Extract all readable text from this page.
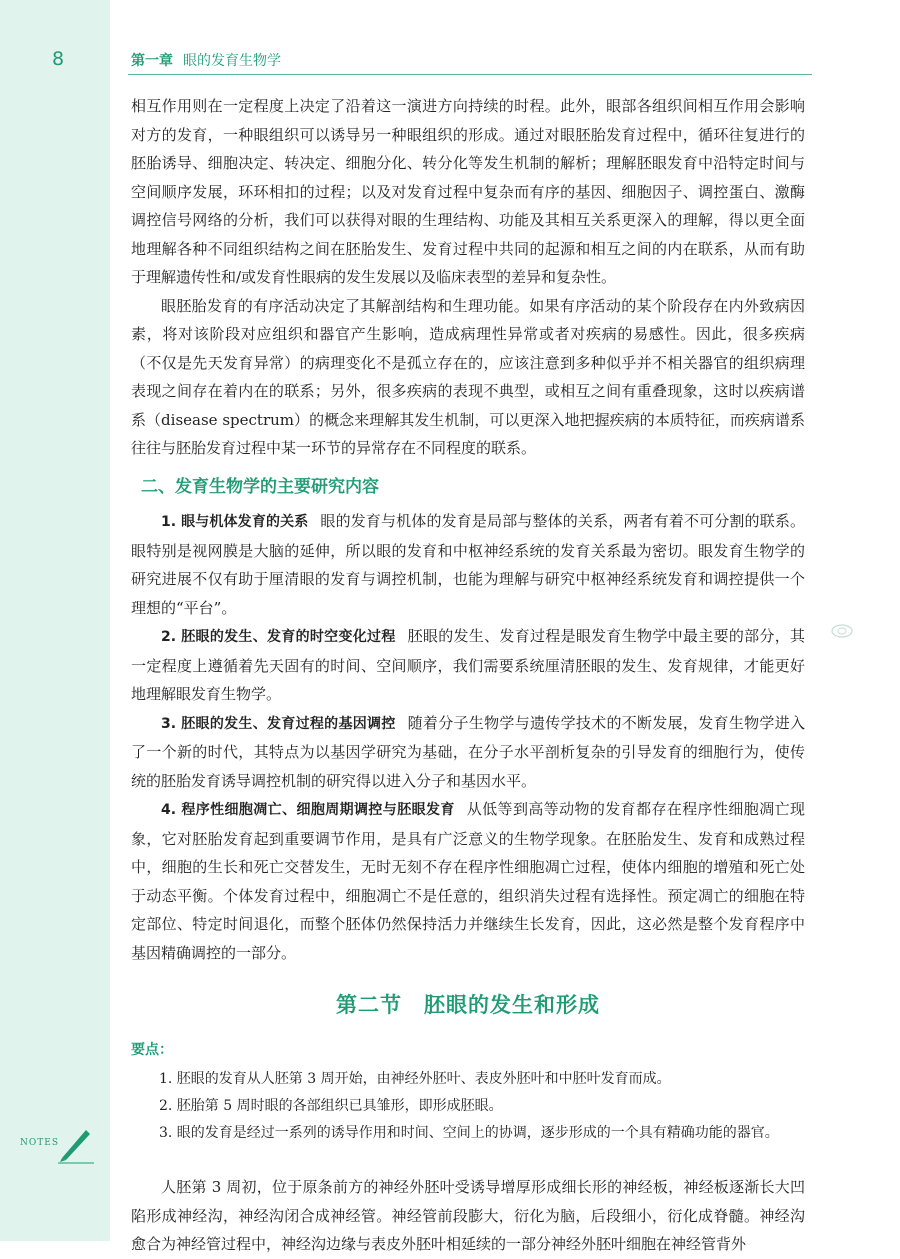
8	第一章 眼的发育生物学

相互作用则在一定程度上决定了沿着这一演进方向持续的时程。此外，眼部各组织间相互作用会影响对方的发育，一种眼组织可以诱导另一种眼组织的形成。通过对眼胚胎发育过程中，循环往复进行的胚胎诱导、细胞决定、转决定、细胞分化、转分化等发生机制的解析；理解胚眼发育中沿特定时间与空间顺序发展，环环相扣的过程；以及对发育过程中复杂而有序的基因、细胞因子、调控蛋白、激酶调控信号网络的分析，我们可以获得对眼的生理结构、功能及其相互关系更深入的理解，得以更全面地理解各种不同组织结构之间在胚胎发生、发育过程中共同的起源和相互之间的内在联系，从而有助于理解遗传性和/或发育性眼病的发生发展以及临床表型的差异和复杂性。

眼胚胎发育的有序活动决定了其解剖结构和生理功能。如果有序活动的某个阶段存在内外致病因素，将对该阶段对应组织和器官产生影响，造成病理性异常或者对疾病的易感性。因此，很多疾病（不仅是先天发育异常）的病理变化不是孤立存在的，应该注意到多种似乎并不相关器官的组织病理表现之间存在着内在的联系；另外，很多疾病的表现不典型，或相互之间有重叠现象，这时以疾病谱系（disease spectrum）的概念来理解其发生机制，可以更深入地把握疾病的本质特征，而疾病谱系往往与胚胎发育过程中某一环节的异常存在不同程度的联系。

二、发育生物学的主要研究内容

1. 眼与机体发育的关系 眼的发育与机体的发育是局部与整体的关系，两者有着不可分割的联系。眼特别是视网膜是大脑的延伸，所以眼的发育和中枢神经系统的发育关系最为密切。眼发育生物学的研究进展不仅有助于厘清眼的发育与调控机制，也能为理解与研究中枢神经系统发育和调控提供一个理想的“平台”。

2. 胚眼的发生、发育的时空变化过程 胚眼的发生、发育过程是眼发育生物学中最主要的部分，其一定程度上遵循着先天固有的时间、空间顺序，我们需要系统厘清胚眼的发生、发育规律，才能更好地理解眼发育生物学。

3. 胚眼的发生、发育过程的基因调控 随着分子生物学与遗传学技术的不断发展，发育生物学进入了一个新的时代，其特点为以基因学研究为基础，在分子水平剖析复杂的引导发育的细胞行为，使传统的胚胎发育诱导调控机制的研究得以进入分子和基因水平。

4. 程序性细胞凋亡、细胞周期调控与胚眼发育 从低等到高等动物的发育都存在程序性细胞凋亡现象，它对胚胎发育起到重要调节作用，是具有广泛意义的生物学现象。在胚胎发生、发育和成熟过程中，细胞的生长和死亡交替发生，无时无刻不存在程序性细胞凋亡过程，使体内细胞的增殖和死亡处于动态平衡。个体发育过程中，细胞凋亡不是任意的，组织消失过程有选择性。预定凋亡的细胞在特定部位、特定时间退化，而整个胚体仍然保持活力并继续生长发育，因此，这必然是整个发育程序中基因精确调控的一部分。

第二节 胚眼的发生和形成
要点：
1. 胚眼的发育从人胚第 3 周开始，由神经外胚叶、表皮外胚叶和中胚叶发育而成。
2. 胚胎第 5 周时眼的各部组织已具雏形，即形成胚眼。
3. 眼的发育是经过一系列的诱导作用和时间、空间上的协调，逐步形成的一个具有精确功能的器官。

人胚第 3 周初，位于原条前方的神经外胚叶受诱导增厚形成细长形的神经板，神经板逐渐长大凹陷形成神经沟，神经沟闭合成神经管。神经管前段膨大，衍化为脑，后段细小，衍化成脊髓。神经沟愈合为神经管过程中，神经沟边缘与表皮外胚叶相延续的一部分神经外胚叶细胞在神经管背外

NOTES
